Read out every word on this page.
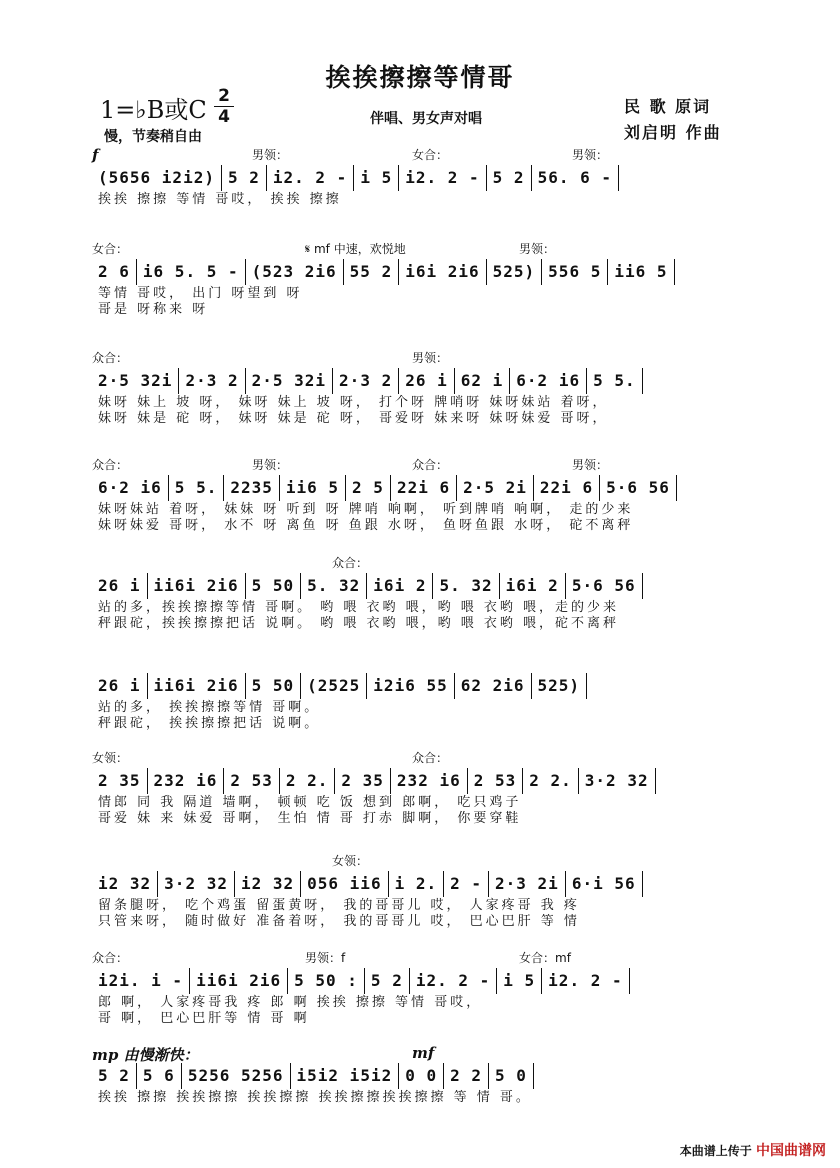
挨挨擦擦等情哥
1=♭B或C 2
4
慢，节奏稍自由
伴唱、男女声对唱
民 歌 原词
刘启明 作曲
f	男领：	女合：	男领：
(5656 i2i2) 5 2 i2. 2 - i 5 i2. 2 - 5 2 56. 6 -
挨挨 擦擦 等情 哥哎， 挨挨 擦擦
女合：	𝄋 mf 中速，欢悦地	男领：
2 6 i6 5. 5 - (523 2i6 55 2 i6i 2i6 525) 556 5 ii6 5
等情 哥哎， 出门 呀望到 呀
哥是 呀称来 呀
众合：	男领：
2·5 32i 2·3 2 2·5 32i 2·3 2 26 i 62 i 6·2 i6 5 5.
妹呀 妹上 坡 呀， 妹呀 妹上 坡 呀， 打个呀 牌哨呀 妹呀妹站 着呀，
妹呀 妹是 砣 呀， 妹呀 妹是 砣 呀， 哥爱呀 妹来呀 妹呀妹爱 哥呀，
众合：	男领：	众合：	男领：
6·2 i6 5 5. 2235 ii6 5 2 5 22i 6 2·5 2i 22i 6 5·6 56
妹呀妹站 着呀， 妹妹 呀 听到 呀 牌哨 响啊， 听到牌哨 响啊， 走的少来
妹呀妹爱 哥呀， 水不 呀 离鱼 呀 鱼跟 水呀， 鱼呀鱼跟 水呀， 砣不离秤
众合：
26 i ii6i 2i6 5 50 5. 32 i6i 2 5. 32 i6i 2 5·6 56
站的多，挨挨擦擦等情 哥啊。 哟 喂 衣哟 喂，哟 喂 衣哟 喂，走的少来
秤跟砣，挨挨擦擦把话 说啊。 哟 喂 衣哟 喂，哟 喂 衣哟 喂，砣不离秤
26 i ii6i 2i6 5 50 (2525 i2i6 55 62 2i6 525)
站的多， 挨挨擦擦等情 哥啊。
秤跟砣， 挨挨擦擦把话 说啊。
女领：	众合：
2 35 232 i6 2 53 2 2. 2 35 232 i6 2 53 2 2. 3·2 32
情郎 同 我 隔道 墙啊， 顿顿 吃 饭 想到 郎啊， 吃只鸡子
哥爱 妹 来 妹爱 哥啊， 生怕 情 哥 打赤 脚啊， 你要穿鞋
女领：
i2 32 3·2 32 i2 32 056 ii6 i 2. 2 - 2·3 2i 6·i 56
留条腿呀， 吃个鸡蛋 留蛋黄呀， 我的哥哥儿 哎， 人家疼哥 我 疼
只管来呀， 随时做好 准备着呀， 我的哥哥儿 哎， 巴心巴肝 等 情
众合：	男领：f	女合：mf
i2i. i - ii6i 2i6 5 50 : 5 2 i2. 2 - i 5 i2. 2 -
郎 啊， 人家疼哥我 疼 郎 啊 挨挨 擦擦 等情 哥哎，
哥 啊， 巴心巴肝等 情 哥 啊
mp 由慢渐快：	mf
5 2 5 6 5256 5256 i5i2 i5i2 0 0 2 2 5 0
挨挨 擦擦 挨挨擦擦 挨挨擦擦 挨挨擦擦挨挨擦擦 等 情 哥。
本曲谱上传于 中国曲谱网
